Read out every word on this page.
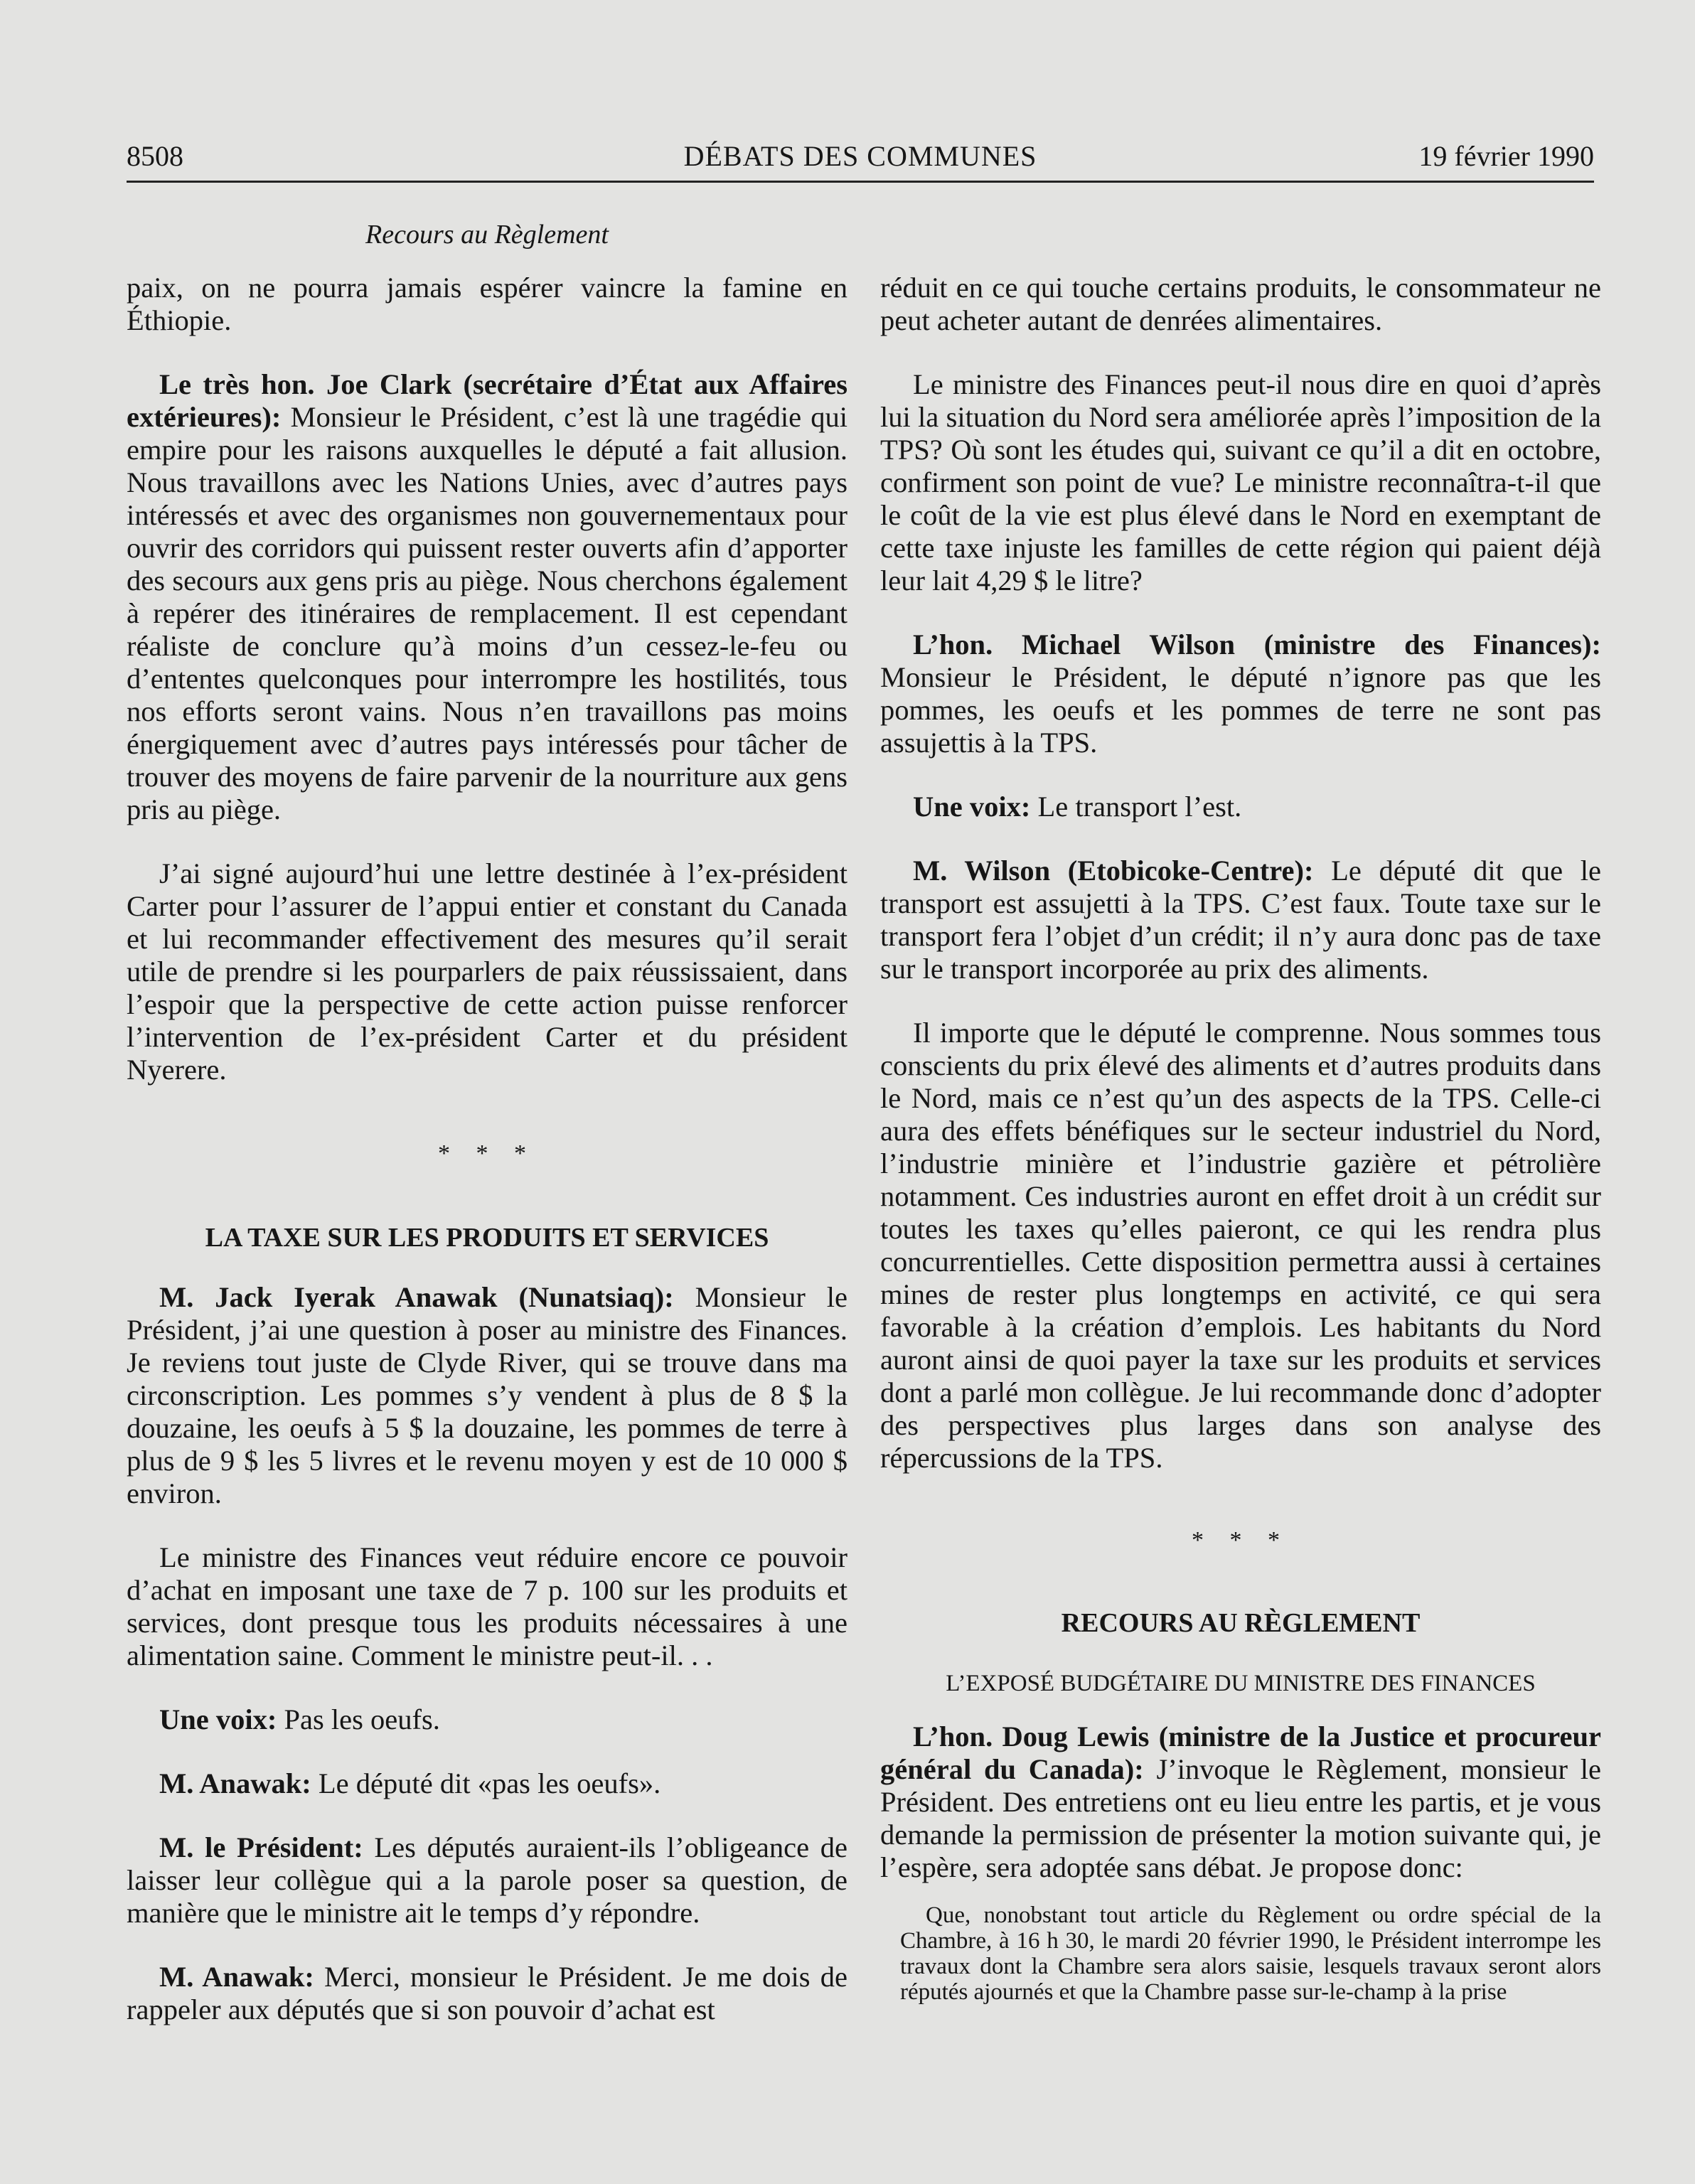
8508	DÉBATS DES COMMUNES	19 février 1990
Recours au Règlement

paix, on ne pourra jamais espérer vaincre la famine en Éthiopie.

Le très hon. Joe Clark (secrétaire d’État aux Affaires extérieures): Monsieur le Président, c’est là une tragédie qui empire pour les raisons auxquelles le député a fait allusion. Nous travaillons avec les Nations Unies, avec d’autres pays intéressés et avec des organismes non gouvernementaux pour ouvrir des corridors qui puissent rester ouverts afin d’apporter des secours aux gens pris au piège. Nous cherchons également à repérer des itinéraires de remplacement. Il est cependant réaliste de conclure qu’à moins d’un cessez-le-feu ou d’ententes quelconques pour interrompre les hostilités, tous nos efforts seront vains. Nous n’en travaillons pas moins énergiquement avec d’autres pays intéressés pour tâcher de trouver des moyens de faire parvenir de la nourriture aux gens pris au piège.

J’ai signé aujourd’hui une lettre destinée à l’ex-président Carter pour l’assurer de l’appui entier et constant du Canada et lui recommander effectivement des mesures qu’il serait utile de prendre si les pourparlers de paix réussissaient, dans l’espoir que la perspective de cette action puisse renforcer l’intervention de l’ex-président Carter et du président Nyerere.

* * *

LA TAXE SUR LES PRODUITS ET SERVICES

M. Jack Iyerak Anawak (Nunatsiaq): Monsieur le Président, j’ai une question à poser au ministre des Finances. Je reviens tout juste de Clyde River, qui se trouve dans ma circonscription. Les pommes s’y vendent à plus de 8 $ la douzaine, les oeufs à 5 $ la douzaine, les pommes de terre à plus de 9 $ les 5 livres et le revenu moyen y est de 10 000 $ environ.

Le ministre des Finances veut réduire encore ce pouvoir d’achat en imposant une taxe de 7 p. 100 sur les produits et services, dont presque tous les produits nécessaires à une alimentation saine. Comment le ministre peut-il. . .

Une voix: Pas les oeufs.

M. Anawak: Le député dit «pas les oeufs».

M. le Président: Les députés auraient-ils l’obligeance de laisser leur collègue qui a la parole poser sa question, de manière que le ministre ait le temps d’y répondre.

M. Anawak: Merci, monsieur le Président. Je me dois de rappeler aux députés que si son pouvoir d’achat est

réduit en ce qui touche certains produits, le consommateur ne peut acheter autant de denrées alimentaires.

Le ministre des Finances peut-il nous dire en quoi d’après lui la situation du Nord sera améliorée après l’imposition de la TPS? Où sont les études qui, suivant ce qu’il a dit en octobre, confirment son point de vue? Le ministre reconnaîtra-t-il que le coût de la vie est plus élevé dans le Nord en exemptant de cette taxe injuste les familles de cette région qui paient déjà leur lait 4,29 $ le litre?

L’hon. Michael Wilson (ministre des Finances): Monsieur le Président, le député n’ignore pas que les pommes, les oeufs et les pommes de terre ne sont pas assujettis à la TPS.

Une voix: Le transport l’est.

M. Wilson (Etobicoke-Centre): Le député dit que le transport est assujetti à la TPS. C’est faux. Toute taxe sur le transport fera l’objet d’un crédit; il n’y aura donc pas de taxe sur le transport incorporée au prix des aliments.

Il importe que le député le comprenne. Nous sommes tous conscients du prix élevé des aliments et d’autres produits dans le Nord, mais ce n’est qu’un des aspects de la TPS. Celle-ci aura des effets bénéfiques sur le secteur industriel du Nord, l’industrie minière et l’industrie gazière et pétrolière notamment. Ces industries auront en effet droit à un crédit sur toutes les taxes qu’elles paieront, ce qui les rendra plus concurrentielles. Cette disposition permettra aussi à certaines mines de rester plus longtemps en activité, ce qui sera favorable à la création d’emplois. Les habitants du Nord auront ainsi de quoi payer la taxe sur les produits et services dont a parlé mon collègue. Je lui recommande donc d’adopter des perspectives plus larges dans son analyse des répercussions de la TPS.

* * *

RECOURS AU RÈGLEMENT

L’EXPOSÉ BUDGÉTAIRE DU MINISTRE DES FINANCES

L’hon. Doug Lewis (ministre de la Justice et procureur général du Canada): J’invoque le Règlement, monsieur le Président. Des entretiens ont eu lieu entre les partis, et je vous demande la permission de présenter la motion suivante qui, je l’espère, sera adoptée sans débat. Je propose donc:

Que, nonobstant tout article du Règlement ou ordre spécial de la Chambre, à 16 h 30, le mardi 20 février 1990, le Président interrompe les travaux dont la Chambre sera alors saisie, lesquels travaux seront alors réputés ajournés et que la Chambre passe sur-le-champ à la prise
